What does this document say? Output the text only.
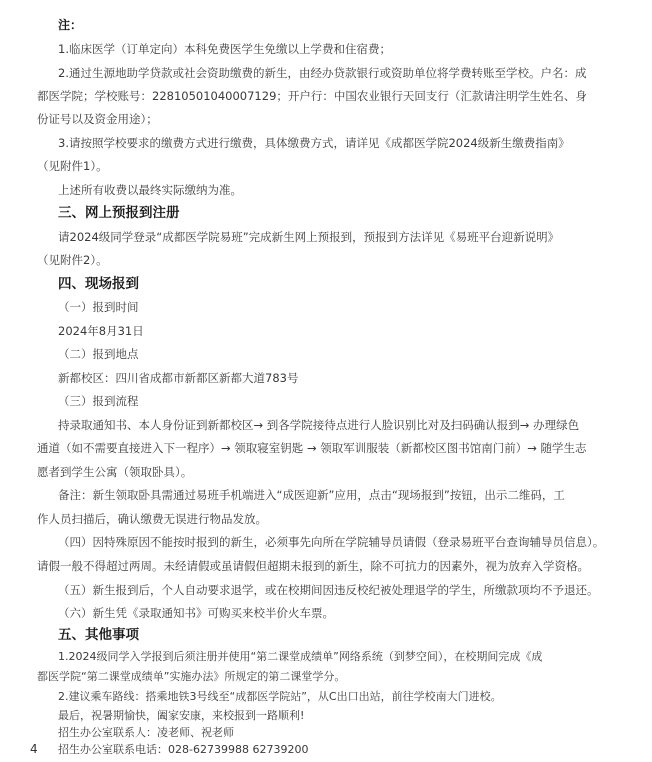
注：
1.临床医学（订单定向）本科免费医学生免缴以上学费和住宿费；
2.通过生源地助学贷款或社会资助缴费的新生，由经办贷款银行或资助单位将学费转账至学校。户名：成
都医学院；学校账号：22810501040007129；开户行：中国农业银行天回支行（汇款请注明学生姓名、身
份证号以及资金用途）；
3.请按照学校要求的缴费方式进行缴费，具体缴费方式，请详见《成都医学院2024级新生缴费指南》
（见附件1）。
上述所有收费以最终实际缴纳为准。
三、网上预报到注册
请2024级同学登录“成都医学院易班”完成新生网上预报到，预报到方法详见《易班平台迎新说明》
（见附件2）。
四、现场报到
（一）报到时间
2024年8月31日
（二）报到地点
新都校区：四川省成都市新都区新都大道783号
（三）报到流程
持录取通知书、本人身份证到新都校区→ 到各学院接待点进行人脸识别比对及扫码确认报到→ 办理绿色
通道（如不需要直接进入下一程序）→ 领取寝室钥匙 → 领取军训服装（新都校区图书馆南门前）→ 随学生志
愿者到学生公寓（领取卧具）。
备注：新生领取卧具需通过易班手机端进入“成医迎新”应用，点击“现场报到”按钮，出示二维码，工
作人员扫描后，确认缴费无误进行物品发放。
（四）因特殊原因不能按时报到的新生，必须事先向所在学院辅导员请假（登录易班平台查询辅导员信息）。
请假一般不得超过两周。未经请假或虽请假但超期未报到的新生，除不可抗力的因素外，视为放弃入学资格。
（五）新生报到后，个人自动要求退学，或在校期间因违反校纪被处理退学的学生，所缴款项均不予退还。
（六）新生凭《录取通知书》可购买来校半价火车票。
五、其他事项
1.2024级同学入学报到后须注册并使用“第二课堂成绩单”网络系统（到梦空间），在校期间完成《成
都医学院“第二课堂成绩单”实施办法》所规定的第二课堂学分。
2.建议乘车路线：搭乘地铁3号线至“成都医学院站”，从C出口出站，前往学校南大门进校。
最后，祝暑期愉快，阖家安康，来校报到一路顺利!
4
招生办公室联系人：凌老师、祝老师
招生办公室联系电话：028-62739988 62739200
